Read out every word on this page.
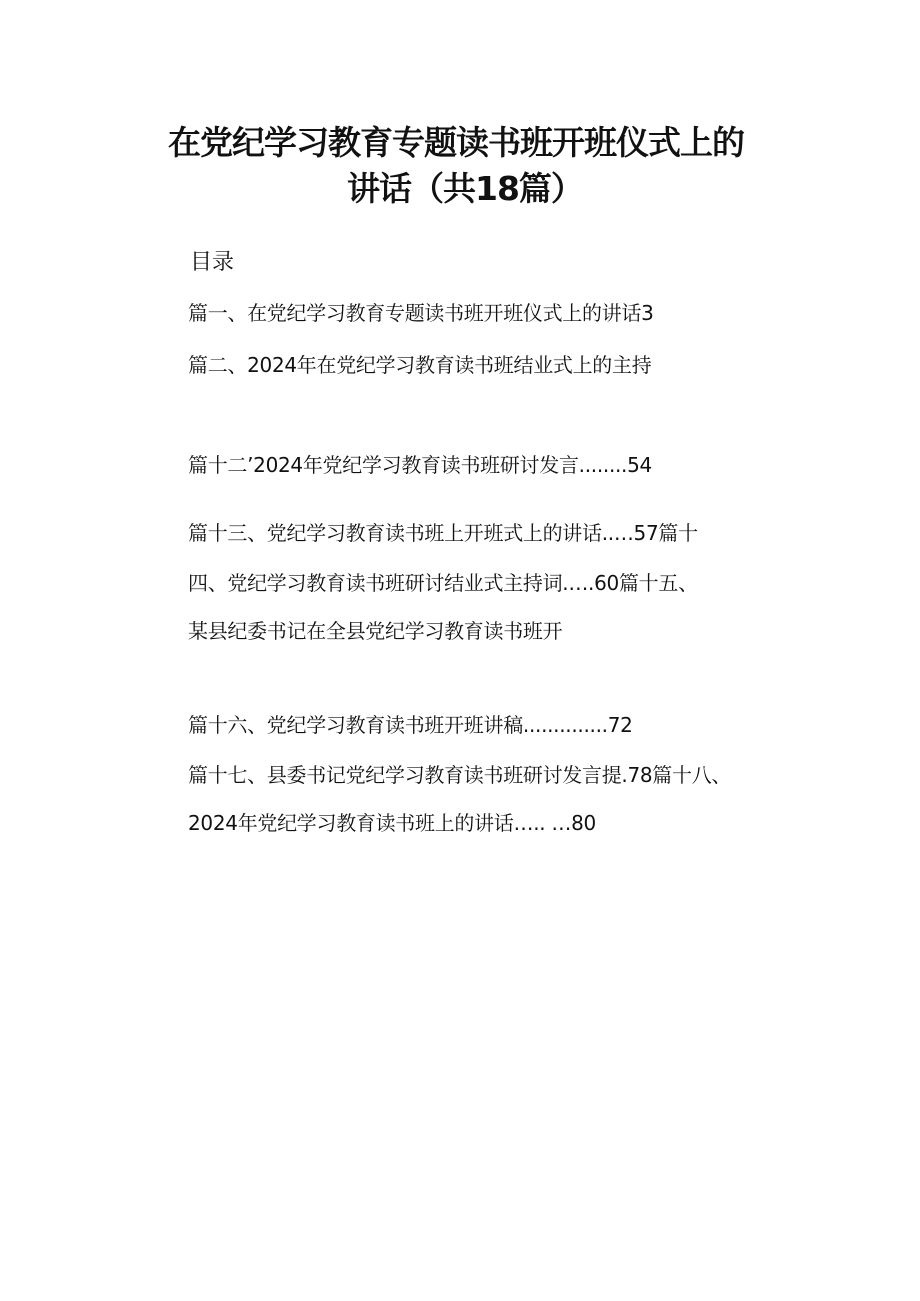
在党纪学习教育专题读书班开班仪式上的
讲话（共18篇）
目录
篇一、在党纪学习教育专题读书班开班仪式上的讲话3
篇二、2024年在党纪学习教育读书班结业式上的主持
篇十二’2024年党纪学习教育读书班研讨发言........54
篇十三、党纪学习教育读书班上开班式上的讲话..…57篇十
四、党纪学习教育读书班研讨结业式主持词.….60篇十五、
某县纪委书记在全县党纪学习教育读书班开
篇十六、党纪学习教育读书班开班讲稿..............72
篇十七、县委书记党纪学习教育读书班研讨发言提.78篇十八、
2024年党纪学习教育读书班上的讲话….. …80
